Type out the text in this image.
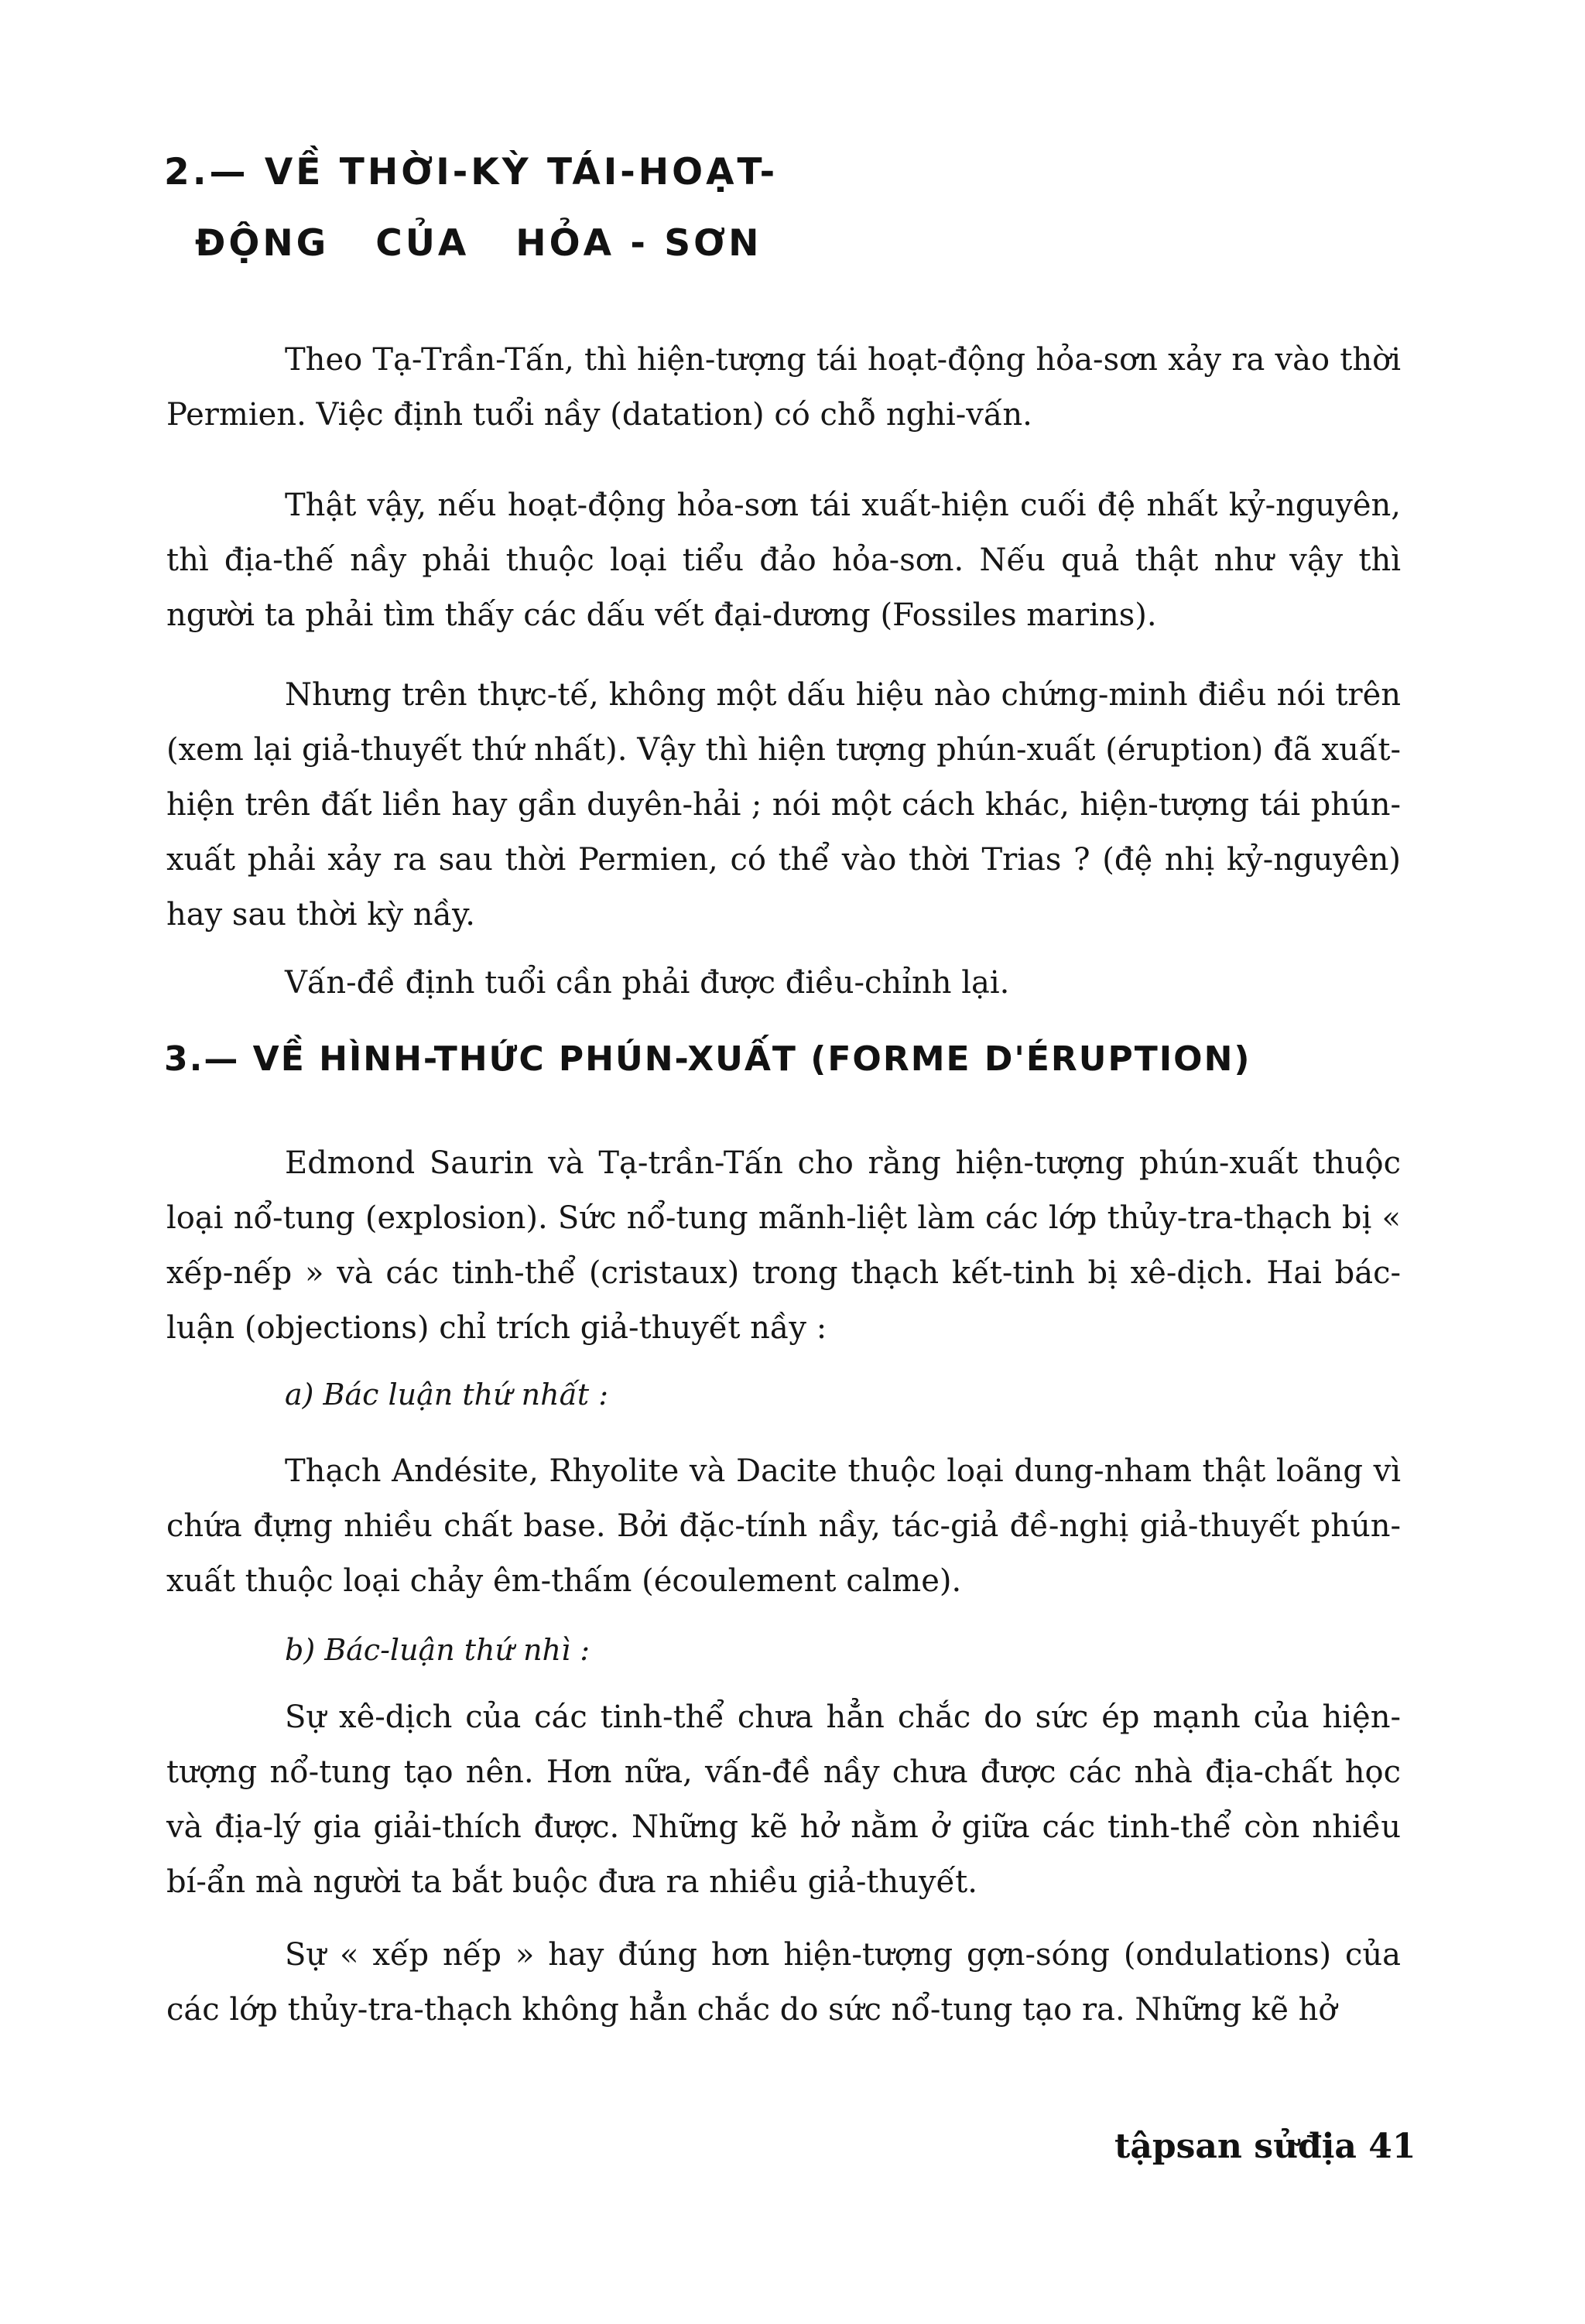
2.— VỀ THỜI-KỲ TÁI-HOẠT-
ĐỘNG CỦA HỎA - SƠN

Theo Tạ-Trần-Tấn, thì hiện-tượng tái hoạt-động hỏa-sơn xảy ra vào thời Permien. Việc định tuổi nầy (datation) có chỗ nghi-vấn.

Thật vậy, nếu hoạt-động hỏa-sơn tái xuất-hiện cuối đệ nhất kỷ-nguyên, thì địa-thế nầy phải thuộc loại tiểu đảo hỏa-sơn. Nếu quả thật như vậy thì người ta phải tìm thấy các dấu vết đại-dương (Fossiles marins).

Nhưng trên thực-tế, không một dấu hiệu nào chứng-minh điều nói trên (xem lại giả-thuyết thứ nhất). Vậy thì hiện tượng phún-xuất (éruption) đã xuất-hiện trên đất liền hay gần duyên-hải ; nói một cách khác, hiện-tượng tái phún-xuất phải xảy ra sau thời Permien, có thể vào thời Trias ? (đệ nhị kỷ-nguyên) hay sau thời kỳ nầy.

Vấn-đề định tuổi cần phải được điều-chỉnh lại.

3.— VỀ HÌNH-THỨC PHÚN-XUẤT (FORME D'ÉRUPTION)

Edmond Saurin và Tạ-trần-Tấn cho rằng hiện-tượng phún-xuất thuộc loại nổ-tung (explosion). Sức nổ-tung mãnh-liệt làm các lớp thủy-tra-thạch bị « xếp-nếp » và các tinh-thể (cristaux) trong thạch kết-tinh bị xê-dịch. Hai bác-luận (objections) chỉ trích giả-thuyết nầy :

a) Bác luận thứ nhất :

Thạch Andésite, Rhyolite và Dacite thuộc loại dung-nham thật loãng vì chứa đựng nhiều chất base. Bởi đặc-tính nầy, tác-giả đề-nghị giả-thuyết phún-xuất thuộc loại chảy êm-thấm (écoulement calme).

b) Bác-luận thứ nhì :

Sự xê-dịch của các tinh-thể chưa hẳn chắc do sức ép mạnh của hiện-tượng nổ-tung tạo nên. Hơn nữa, vấn-đề nầy chưa được các nhà địa-chất học và địa-lý gia giải-thích được. Những kẽ hở nằm ở giữa các tinh-thể còn nhiều bí-ẩn mà người ta bắt buộc đưa ra nhiều giả-thuyết.

Sự « xếp nếp » hay đúng hơn hiện-tượng gợn-sóng (ondulations) của các lớp thủy-tra-thạch không hẳn chắc do sức nổ-tung tạo ra. Những kẽ hở

tậpsan sửđịa 41
